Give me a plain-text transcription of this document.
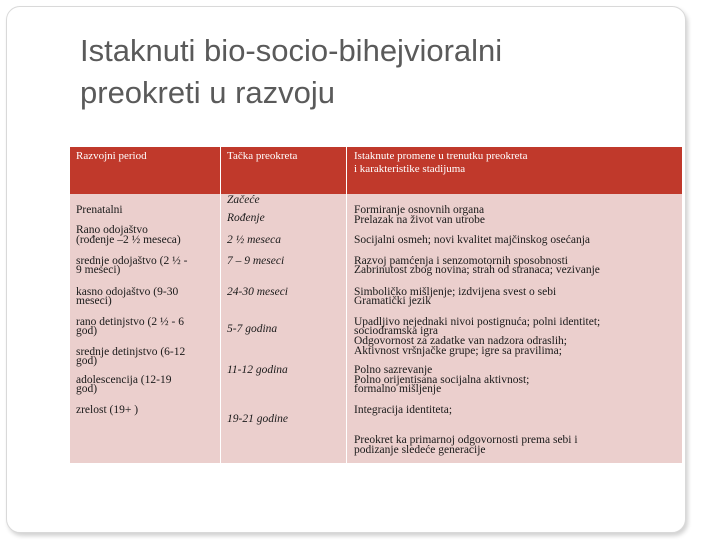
Istaknuti bio-socio-bihejvioralni
preokreti u razvoju
Razvojni period	Tačka preokreta	Istaknute promene u trenutku preokreta
i karakteristike stadijuma
Prenatalni
Rano odojaštvo
(rođenje –2 ½ meseca)
srednje odojaštvo (2 ½ -
9 meseci)
kasno odojaštvo (9-30
meseci)
rano detinjstvo (2 ½ - 6
god)
srednje detinjstvo (6-12
god)
adolescencija (12-19
god)
zrelost (19+ )
Začeće
Rođenje
2 ½ meseca
7 – 9 meseci
24-30 meseci
5-7 godina
11-12 godina
19-21 godine
Formiranje osnovnih organa
Prelazak na život van utrobe
Socijalni osmeh; novi kvalitet majčinskog osećanja
Razvoj pamćenja i senzomotornih sposobnosti
Zabrinutost zbog novina; strah od stranaca; vezivanje
Simboličko mišljenje; izdvijena svest o sebi
Gramatički jezik
Upadljivo nejednaki nivoi postignuća; polni identitet;
sociodramska igra
Odgovornost za zadatke van nadzora odraslih;
Aktivnost vršnjačke grupe; igre sa pravilima;
Polno sazrevanje
Polno orijentisana socijalna aktivnost;
formalno mišljenje
Integracija identiteta;
Preokret ka primarnoj odgovornosti prema sebi i
podizanje sledeće generacije
